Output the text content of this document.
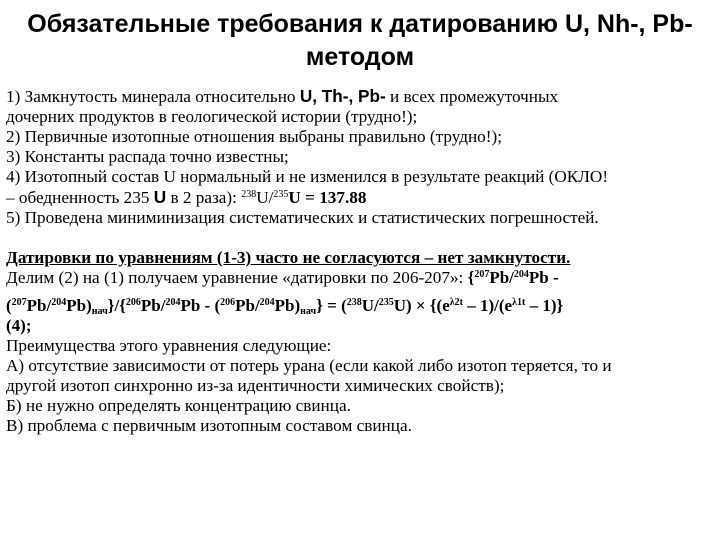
Обязательные требования к датированию U, Nh-, Pb-
методом

1) Замкнутость минерала относительно U, Th-, Pb- и всех промежуточных

дочерних продуктов в геологической истории (трудно!);

2) Первичные изотопные отношения выбраны правильно (трудно!);

3) Константы распада точно известны;

4) Изотопный состав U нормальный и не изменился в результате реакций (ОКЛО!

– обедненность 235 U в 2 раза): $^{238}$U/$^{235}$U = 137.88

5) Проведена миниминизация систематических и статистических погрешностей.

Датировки по уравнениям (1-3) часто не согласуются – нет замкнутости.

Делим (2) на (1) получаем уравнение «датировки по 206-207»: {$^{207}$Pb/$^{204}$Pb -

$(^{207}Pb/^{204}Pb)_{нач}\}/\{^{206}Pb/^{204}Pb - (^{206}Pb/^{204}Pb)_{нач}\} = (^{238}U/^{235}U) \times \{(e^{\lambda 2t} - 1)/(e^{\lambda 1t} - 1)\}$

(4);

Преимущества этого уравнения следующие:

А) отсутствие зависимости от потерь урана (если какой либо изотоп теряется, то и

другой изотоп синхронно из-за идентичности химических свойств);

Б) не нужно определять концентрацию свинца.

В) проблема с первичным изотопным составом свинца.
